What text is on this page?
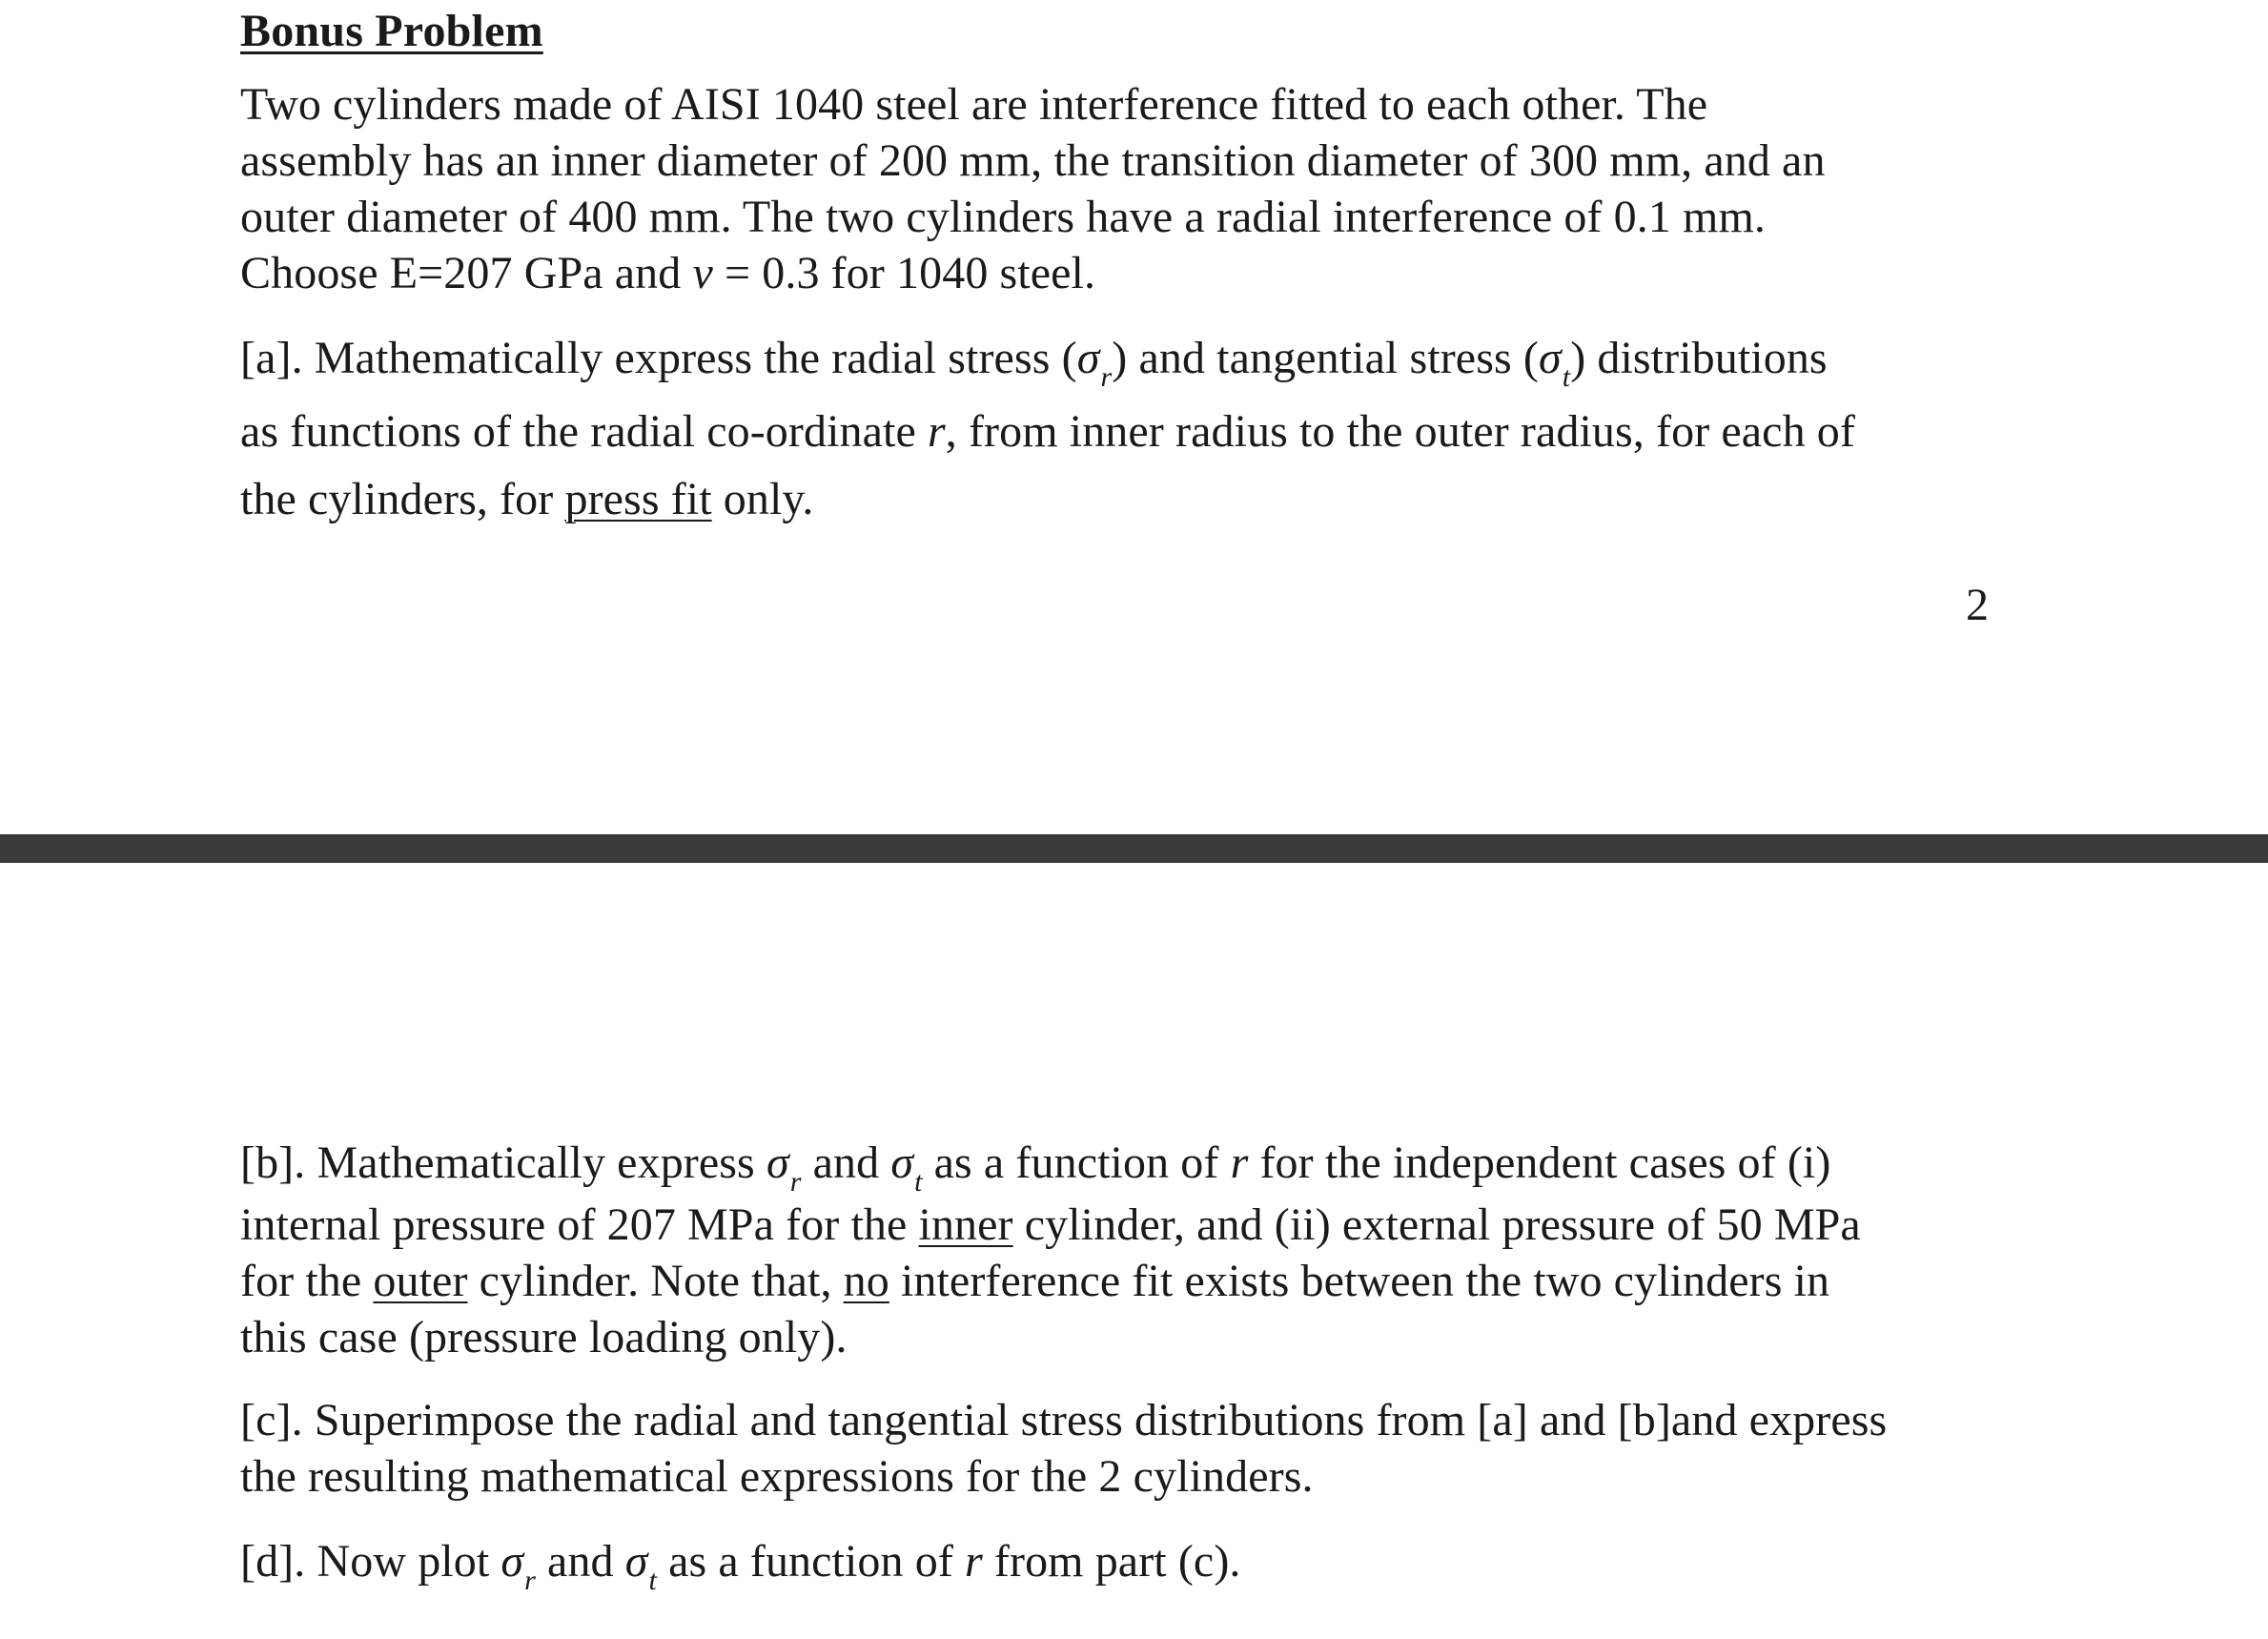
Bonus Problem

Two cylinders made of AISI 1040 steel are interference fitted to each other. The
assembly has an inner diameter of 200 mm, the transition diameter of 300 mm, and an
outer diameter of 400 mm. The two cylinders have a radial interference of 0.1 mm.
Choose E=207 GPa and ν = 0.3 for 1040 steel.

[a]. Mathematically express the radial stress $(\sigma_r)$ and tangential stress $(\sigma_t)$ distributions
as functions of the radial co-ordinate r, from inner radius to the outer radius, for each of
the cylinders, for press fit only.

2

[b]. Mathematically express $\sigma_r$ and $\sigma_t$ as a function of r for the independent cases of (i)
internal pressure of 207 MPa for the inner cylinder, and (ii) external pressure of 50 MPa
for the outer cylinder. Note that, no interference fit exists between the two cylinders in
this case (pressure loading only).

[c]. Superimpose the radial and tangential stress distributions from [a] and [b]and express
the resulting mathematical expressions for the 2 cylinders.

[d]. Now plot $\sigma_r$ and $\sigma_t$ as a function of r from part (c).
